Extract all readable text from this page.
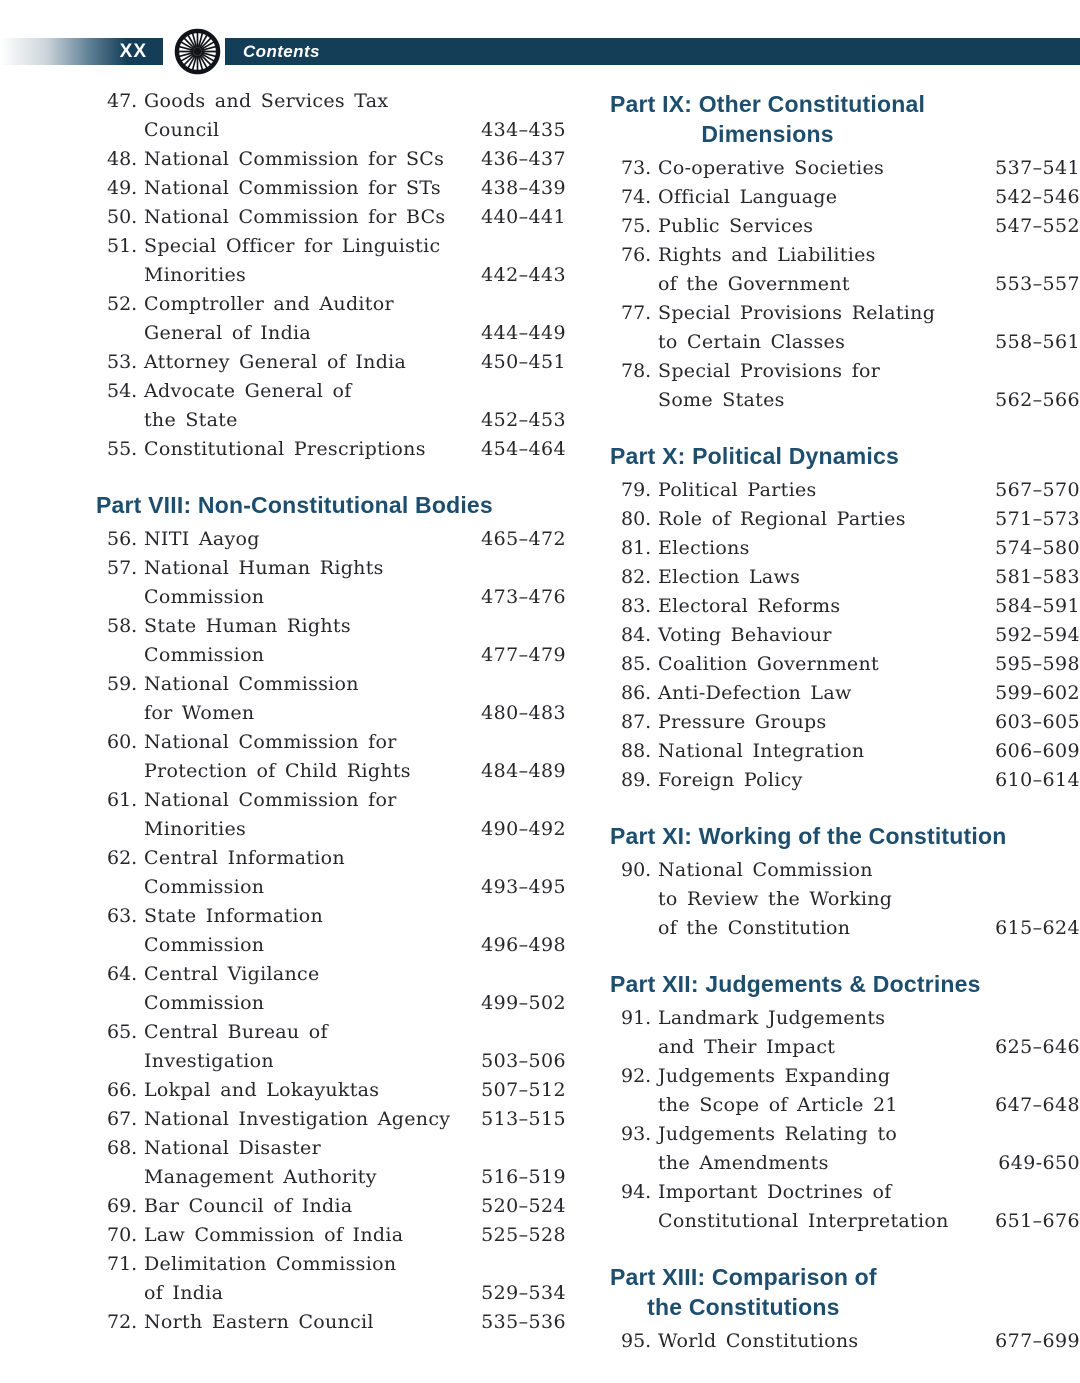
XX	Contents
47. Goods and Services Tax
Council	434–435
48. National Commission for SCs	436–437
49. National Commission for STs	438–439
50. National Commission for BCs	440–441
51. Special Officer for Linguistic
Minorities	442–443
52. Comptroller and Auditor
General of India	444–449
53. Attorney General of India	450–451
54. Advocate General of
the State	452–453
55. Constitutional Prescriptions	454–464
Part VIII: Non-Constitutional Bodies
56. NITI Aayog	465–472
57. National Human Rights
Commission	473–476
58. State Human Rights
Commission	477–479
59. National Commission
for Women	480–483
60. National Commission for
Protection of Child Rights	484–489
61. National Commission for
Minorities	490–492
62. Central Information
Commission	493–495
63. State Information
Commission	496–498
64. Central Vigilance
Commission	499–502
65. Central Bureau of
Investigation	503–506
66. Lokpal and Lokayuktas	507–512
67. National Investigation Agency	513–515
68. National Disaster
Management Authority	516–519
69. Bar Council of India	520–524
70. Law Commission of India	525–528
71. Delimitation Commission
of India	529–534
72. North Eastern Council	535–536
Part IX: Other Constitutional
Dimensions
73. Co-operative Societies	537–541
74. Official Language	542–546
75. Public Services	547–552
76. Rights and Liabilities
of the Government	553–557
77. Special Provisions Relating
to Certain Classes	558–561
78. Special Provisions for
Some States	562–566
Part X: Political Dynamics
79. Political Parties	567–570
80. Role of Regional Parties	571–573
81. Elections	574–580
82. Election Laws	581–583
83. Electoral Reforms	584–591
84. Voting Behaviour	592–594
85. Coalition Government	595–598
86. Anti-Defection Law	599–602
87. Pressure Groups	603–605
88. National Integration	606–609
89. Foreign Policy	610–614
Part XI: Working of the Constitution
90. National Commission
to Review the Working
of the Constitution	615–624
Part XII: Judgements & Doctrines
91. Landmark Judgements
and Their Impact	625–646
92. Judgements Expanding
the Scope of Article 21	647–648
93. Judgements Relating to
the Amendments	649-650
94. Important Doctrines of
Constitutional Interpretation	651–676
Part XIII: Comparison of
the Constitutions
95. World Constitutions	677–699
